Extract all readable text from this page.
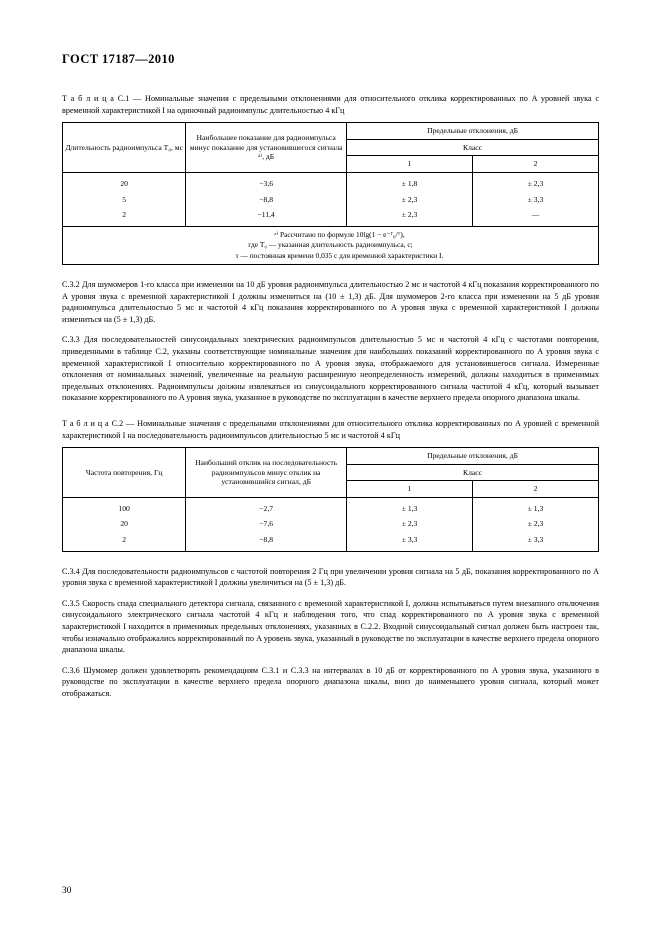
ГОСТ 17187—2010
Т а б л и ц а С.1 — Номинальные значения с предельными отклонениями для относительного отклика корректированных по A уровней звука с временной характеристикой I на одиночный радиоимпульс длительностью 4 кГц
Длительность радиоимпульса T₀, мс	Наибольшее показание для радиоимпульса минус показание для установившегося сигнала ᵃ⁾, дБ	Предельные отклонения, дБ	
		Класс	
		1	2
20	−3,6	± 1,8	± 2,3
5	−8,8	± 2,3	± 3,3
2	−11,4	± 2,3	—

ᵃ⁾ Рассчитано по формуле 10lg(1 − e⁻ᵀ₀/ᵀ),
где T₀ — указанная длительность радиоимпульса, с;
τ — постоянная времени 0,035 с для временной характеристики I.			
С.3.2 Для шумомеров 1-го класса при изменении на 10 дБ уровня радиоимпульса длительностью 2 мс и частотой 4 кГц показания корректированного по A уровня звука с временной характеристикой I должны измениться на (10 ± 1,3) дБ. Для шумомеров 2-го класса при изменении на 5 дБ уровня радиоимпульса длительностью 5 мс и частотой 4 кГц показания корректированного по A уровня звука с временной характеристикой I должны измениться на (5 ± 1,3) дБ.
С.3.3 Для последовательностей синусоидальных электрических радиоимпульсов длительностью 5 мс и частотой 4 кГц с частотами повторения, приведенными в таблице С.2, указаны соответствующие номинальные значения для наибольших показаний корректированного по A уровня звука с временной характеристикой I относительно корректированного по A уровня звука, отображаемого для установившегося сигнала. Измеренные отклонения от номинальных значений, увеличенные на реальную расширенную неопределенность измерений, должны находиться в применимых предельных отклонениях. Радиоимпульсы должны извлекаться из синусоидального корректированного сигнала частотой 4 кГц, который вызывает показание корректированного по A уровня звука, указанное в руководстве по эксплуатации в качестве верхнего предела опорного диапазона шкалы.
Т а б л и ц а С.2 — Номинальные значения с предельными отклонениями для относительного отклика корректированных по A уровней с временной характеристикой I на последовательность радиоимпульсов длительностью 5 мс и частотой 4 кГц
Частота повторения, Гц	Наибольший отклик на последовательность радиоимпульсов минус отклик на установившийся сигнал, дБ	Предельные отклонения, дБ	
		Класс	
		1	2
100	−2,7	± 1,3	± 1,3
20	−7,6	± 2,3	± 2,3
2	−8,8	± 3,3	± 3,3
С.3.4 Для последовательности радиоимпульсов с частотой повторения 2 Гц при увеличении уровня сигнала на 5 дБ, показания корректированного по A уровня звука с временной характеристикой I должны увеличиться на (5 ± 1,3) дБ.
С.3.5 Скорость спада специального детектора сигнала, связанного с временной характеристикой I, должна испытываться путем внезапного отключения синусоидального электрического сигнала частотой 4 кГц и наблюдения того, что спад корректированного по A уровня звука с временной характеристикой I находится в применимых предельных отклонениях, указанных в С.2.2. Входной синусоидальный сигнал должен быть настроен так, чтобы изначально отображались корректированный по A уровень звука, указанный в руководстве по эксплуатации в качестве верхнего предела опорного диапазона шкалы.
С.3.6 Шумомер должен удовлетворять рекомендациям С.3.1 и С.3.3 на интервалах в 10 дБ от корректированного по A уровня звука, указанного в руководстве по эксплуатации в качестве верхнего предела опорного диапазона шкалы, вниз до наименьшего уровня сигнала, который может отображаться.
30
